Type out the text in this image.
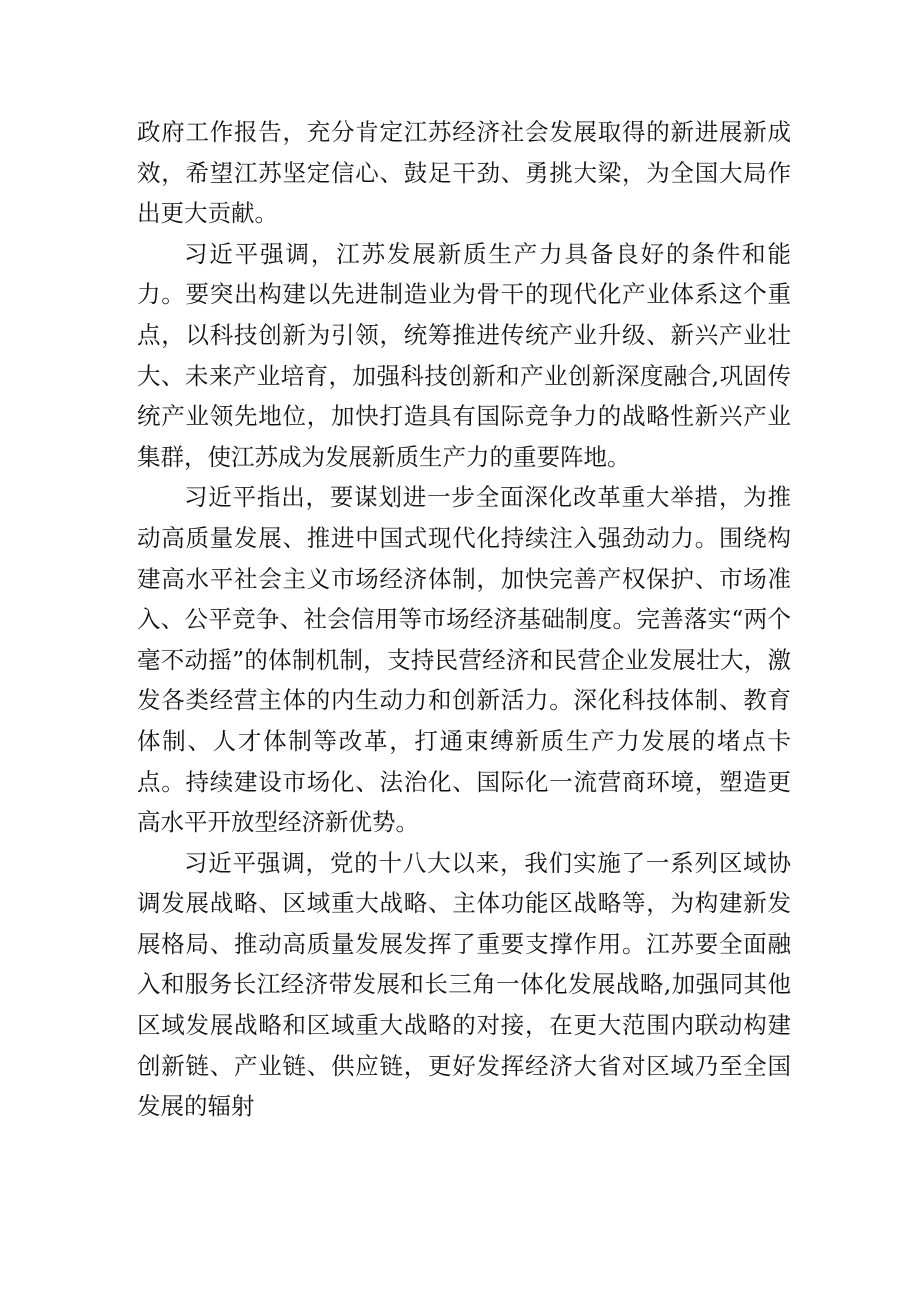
政府工作报告，充分肯定江苏经济社会发展取得的新进展新成效，希望江苏坚定信心、鼓足干劲、勇挑大梁，为全国大局作出更大贡献。

习近平强调，江苏发展新质生产力具备良好的条件和能力。要突出构建以先进制造业为骨干的现代化产业体系这个重点，以科技创新为引领，统筹推进传统产业升级、新兴产业壮大、未来产业培育，加强科技创新和产业创新深度融合,巩固传统产业领先地位，加快打造具有国际竞争力的战略性新兴产业集群，使江苏成为发展新质生产力的重要阵地。

习近平指出，要谋划进一步全面深化改革重大举措，为推动高质量发展、推进中国式现代化持续注入强劲动力。围绕构建高水平社会主义市场经济体制，加快完善产权保护、市场准入、公平竞争、社会信用等市场经济基础制度。完善落实“两个毫不动摇”的体制机制，支持民营经济和民营企业发展壮大，激发各类经营主体的内生动力和创新活力。深化科技体制、教育体制、人才体制等改革，打通束缚新质生产力发展的堵点卡点。持续建设市场化、法治化、国际化一流营商环境，塑造更高水平开放型经济新优势。

习近平强调，党的十八大以来，我们实施了一系列区域协调发展战略、区域重大战略、主体功能区战略等，为构建新发展格局、推动高质量发展发挥了重要支撑作用。江苏要全面融入和服务长江经济带发展和长三角一体化发展战略,加强同其他区域发展战略和区域重大战略的对接，在更大范围内联动构建创新链、产业链、供应链，更好发挥经济大省对区域乃至全国发展的辐射
